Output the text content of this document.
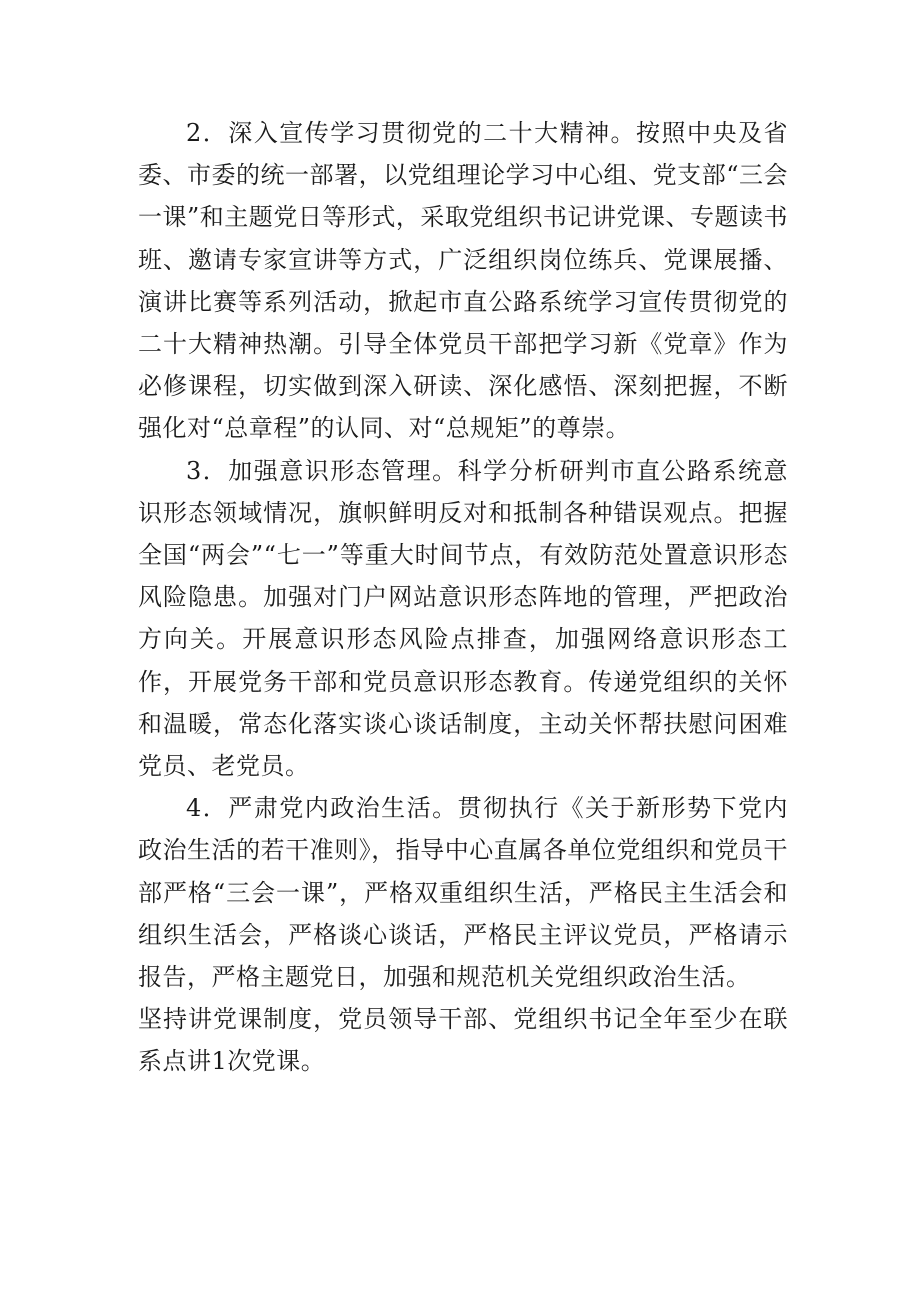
2．深入宣传学习贯彻党的二十大精神。按照中央及省委、市委的统一部署，以党组理论学习中心组、党支部“三会一课”和主题党日等形式，采取党组织书记讲党课、专题读书班、邀请专家宣讲等方式，广泛组织岗位练兵、党课展播、演讲比赛等系列活动，掀起市直公路系统学习宣传贯彻党的二十大精神热潮。引导全体党员干部把学习新《党章》作为必修课程，切实做到深入研读、深化感悟、深刻把握，不断强化对“总章程”的认同、对“总规矩”的尊崇。

3．加强意识形态管理。科学分析研判市直公路系统意识形态领域情况，旗帜鲜明反对和抵制各种错误观点。把握全国“两会”“七一”等重大时间节点，有效防范处置意识形态风险隐患。加强对门户网站意识形态阵地的管理，严把政治方向关。开展意识形态风险点排查，加强网络意识形态工作，开展党务干部和党员意识形态教育。传递党组织的关怀和温暖，常态化落实谈心谈话制度，主动关怀帮扶慰问困难党员、老党员。

4．严肃党内政治生活。贯彻执行《关于新形势下党内政治生活的若干准则》，指导中心直属各单位党组织和党员干部严格“三会一课”，严格双重组织生活，严格民主生活会和组织生活会，严格谈心谈话，严格民主评议党员，严格请示报告，严格主题党日，加强和规范机关党组织政治生活。

坚持讲党课制度，党员领导干部、党组织书记全年至少在联系点讲1次党课。
